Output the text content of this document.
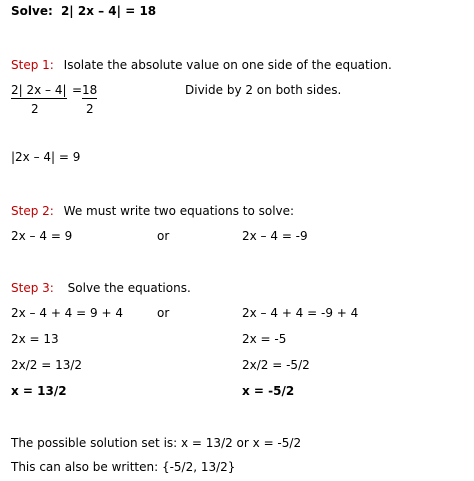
Solve: 2| 2x – 4| = 18
Step 1: Isolate the absolute value on one side of the equation.
2| 2x – 4| = 18
2	2
Divide by 2 on both sides.
|2x – 4| = 9
Step 2: We must write two equations to solve:
2x – 4 = 9	or	2x – 4 = -9
Step 3: Solve the equations.
2x – 4 + 4 = 9 + 4	or	2x – 4 + 4 = -9 + 4
2x = 13	2x = -5
2x/2 = 13/2	2x/2 = -5/2
x = 13/2	x = -5/2
The possible solution set is: x = 13/2 or x = -5/2
This can also be written: {-5/2, 13/2}
